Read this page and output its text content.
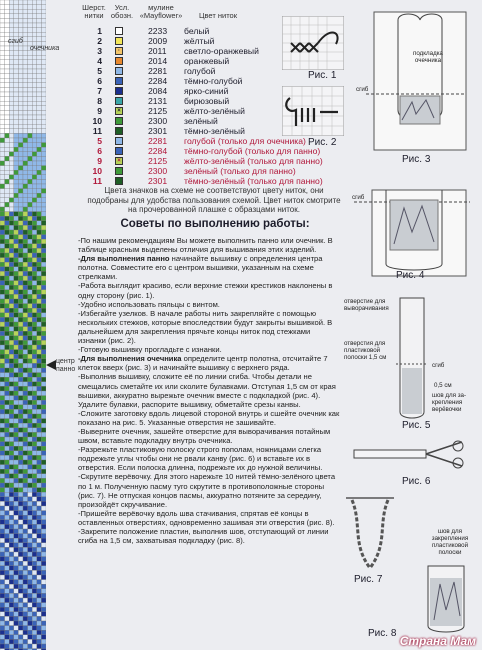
сгиб
очечника
центр
панно
Шерст. нитки
Усл. обозн.
мулине «Mayflower»	Цвет ниток
1	2233	белый
2	2009	жёлтый
3	·	2011	светло-оранжевый
4	2014	оранжевый
5	2281	голубой
6	2284	тёмно-голубой
7	2084	ярко-синий
8	2131	бирюзовый
9	×	2125	жёлто-зелёный
10	2300	зелёный
11	2301	тёмно-зелёный
5	2281	голубой (только для очечника)
6	2284	тёмно-голубой (только для панно)
9	×	2125	жёлто-зелёный (только для панно)
10	2300	зелёный (только для панно)
11	2301	тёмно-зелёный (только для панно)
Цвета значков на схеме не соответствуют цвету ниток, они подобраны для удобства пользования схемой. Цвет ниток смотрите на прочерованной плашке с образцами ниток.
Советы по выполнению работы:

-По нашим рекомендациям Вы можете выполнить панно или очечник. В таблице красным выделены отличия для вышивания этих изделий.

-Для выполнения панно начинайте вышивку с определения центра полотна. Совместите его с центром вышивки, указанным на схеме стрелками.

-Работа выглядит красиво, если верхние стежки крестиков наклонены в одну сторону (рис. 1).

-Удобно использовать пяльцы с винтом.

-Избегайте узелков. В начале работы нить закрепляйте с помощью нескольких стежков, которые впоследствии будут закрыты вышивкой. В дальнейшем для закрепления прячьте концы ниток под стежками изнанки (рис. 2).

-Готовую вышивку прогладьте с изнанки.

-Для выполнения очечника определите центр полотна, отсчитайте 7 клеток вверх (рис. 3) и начинайте вышивку с верхнего ряда.

-Выполнив вышивку, сложите её по линии сгиба. Чтобы детали не смещались сметайте их или сколите булавками. Отступая 1,5 см от края вышивки, аккуратно вырежьте очечник вместе с подкладкой (рис. 4). Удалите булавки, распорите вышивку, обметайте срезы канвы.

-Сложите заготовку вдоль лицевой стороной внутрь и сшейте очечник как показано на рис. 5. Указанные отверстия не зашивайте.

-Выверните очечник, зашейте отверстие для выворачивания потайным швом, вставьте подкладку внутрь очечника.

-Разрежьте пластиковую полоску строго пополам, ножницами слегка подрежьте углы чтобы они не рвали канву (рис. 6) и вставьте их в отверстия. Если полоска длинна, подрежьте их до нужной величины.

-Скрутите верёвочку. Для этого нарежьте 10 нитей тёмно-зелёного цвета по 1 м. Полученную пасму туго скрутите в противоположные стороны (рис. 7). Не отпуская концов пасмы, аккуратно потяните за середину, произойдёт скручивание.

-Пришейте верёвочку вдоль шва стачивания, спрятав её концы в оставленных отверстиях, одновременно зашивая эти отверстия (рис. 8).

-Закрепите положение пластин, выполнив шов, отступающий от линии сгиба на 1,5 см, захватывая подкладку (рис. 8).

Рис. 1
Рис. 2
подкладка очечника
сгиб
Рис. 3
сгиб
Рис. 4
отверстие для выворачивания
отверстия для пластиковой полоски 1,5 см
сгиб
0,5 см
шов для за-крепления верёвочки
Рис. 5
Рис. 6
Рис. 7
шов для закрепления пластиковой полоски
Рис. 8
Страна Мам
